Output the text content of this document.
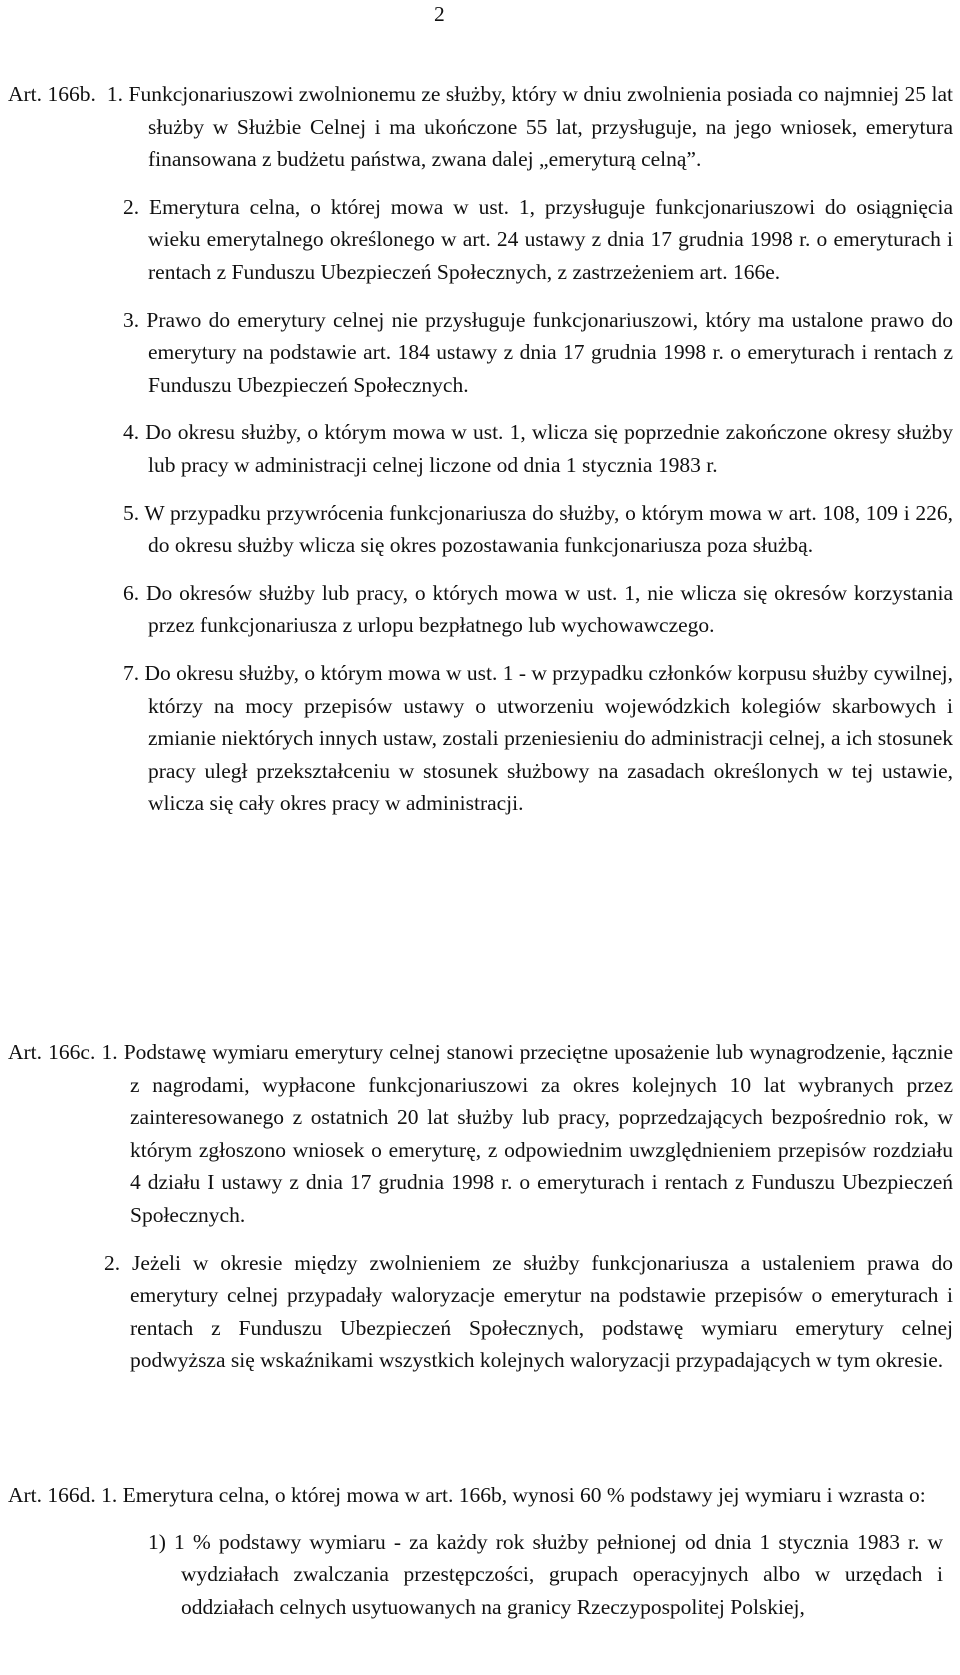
2
Art. 166b. 1. Funkcjonariuszowi zwolnionemu ze służby, który w dniu zwolnienia posiada co najmniej 25 lat służby w Służbie Celnej i ma ukończone 55 lat, przysługuje, na jego wniosek, emerytura finansowana z budżetu państwa, zwana dalej „emeryturą celną”.
2. Emerytura celna, o której mowa w ust. 1, przysługuje funkcjonariuszowi do osiągnięcia wieku emerytalnego określonego w art. 24 ustawy z dnia 17 grudnia 1998 r. o emeryturach i rentach z Funduszu Ubezpieczeń Społecznych, z zastrzeżeniem art. 166e.
3. Prawo do emerytury celnej nie przysługuje funkcjonariuszowi, który ma ustalone prawo do emerytury na podstawie art. 184 ustawy z dnia 17 grudnia 1998 r. o emeryturach i rentach z Funduszu Ubezpieczeń Społecznych.
4. Do okresu służby, o którym mowa w ust. 1, wlicza się poprzednie zakończone okresy służby lub pracy w administracji celnej liczone od dnia 1 stycznia 1983 r.
5. W przypadku przywrócenia funkcjonariusza do służby, o którym mowa w art. 108, 109 i 226, do okresu służby wlicza się okres pozostawania funkcjonariusza poza służbą.
6. Do okresów służby lub pracy, o których mowa w ust. 1, nie wlicza się okresów korzystania przez funkcjonariusza z urlopu bezpłatnego lub wychowawczego.
7. Do okresu służby, o którym mowa w ust. 1 - w przypadku członków korpusu służby cywilnej, którzy na mocy przepisów ustawy o utworzeniu wojewódzkich kolegiów skarbowych i zmianie niektórych innych ustaw, zostali przeniesieniu do administracji celnej, a ich stosunek pracy uległ przekształceniu w stosunek służbowy na zasadach określonych w tej ustawie, wlicza się cały okres pracy w administracji.
Art. 166c. 1. Podstawę wymiaru emerytury celnej stanowi przeciętne uposażenie lub wynagrodzenie, łącznie z nagrodami, wypłacone funkcjonariuszowi za okres kolejnych 10 lat wybranych przez zainteresowanego z ostatnich 20 lat służby lub pracy, poprzedzających bezpośrednio rok, w którym zgłoszono wniosek o emeryturę, z odpowiednim uwzględnieniem przepisów rozdziału 4 działu I ustawy z dnia 17 grudnia 1998 r. o emeryturach i rentach z Funduszu Ubezpieczeń Społecznych.
2. Jeżeli w okresie między zwolnieniem ze służby funkcjonariusza a ustaleniem prawa do emerytury celnej przypadały waloryzacje emerytur na podstawie przepisów o emeryturach i rentach z Funduszu Ubezpieczeń Społecznych, podstawę wymiaru emerytury celnej podwyższa się wskaźnikami wszystkich kolejnych waloryzacji przypadających w tym okresie.
Art. 166d. 1. Emerytura celna, o której mowa w art. 166b, wynosi 60 % podstawy jej wymiaru i wzrasta o:
1) 1 % podstawy wymiaru - za każdy rok służby pełnionej od dnia 1 stycznia 1983 r. w wydziałach zwalczania przestępczości, grupach operacyjnych albo w urzędach i oddziałach celnych usytuowanych na granicy Rzeczypospolitej Polskiej,
